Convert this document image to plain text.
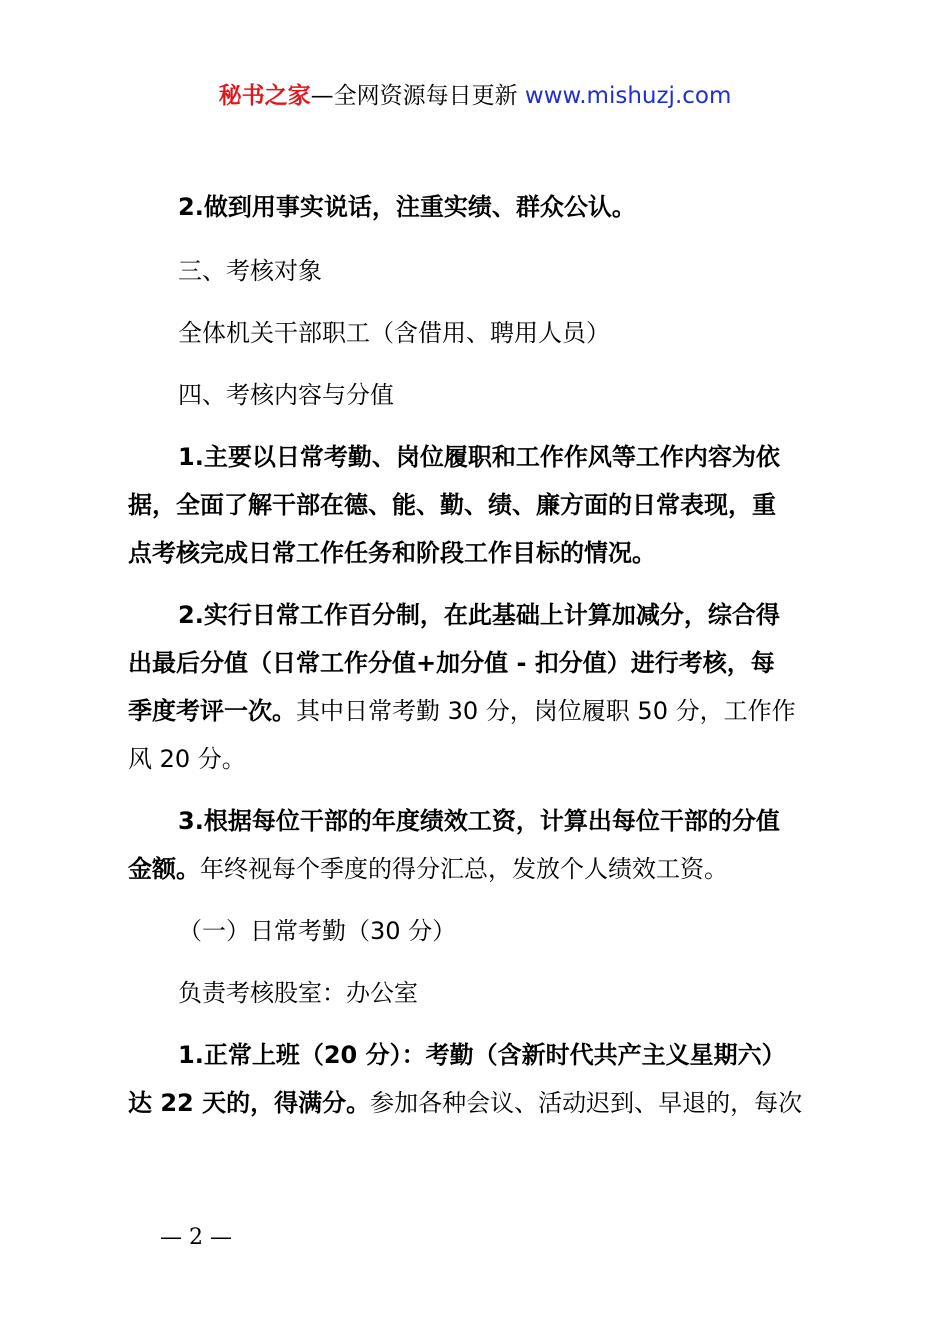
秘书之家—全网资源每日更新 www.mishuzj.com

2.做到用事实说话，注重实绩、群众公认。

三、考核对象

全体机关干部职工（含借用、聘用人员）

四、考核内容与分值

1.主要以日常考勤、岗位履职和工作作风等工作内容为依

据，全面了解干部在德、能、勤、绩、廉方面的日常表现，重

点考核完成日常工作任务和阶段工作目标的情况。

2.实行日常工作百分制，在此基础上计算加减分，综合得

出最后分值（日常工作分值+加分值 - 扣分值）进行考核，每

季度考评一次。其中日常考勤 30 分，岗位履职 50 分，工作作

风 20 分。

3.根据每位干部的年度绩效工资，计算出每位干部的分值

金额。年终视每个季度的得分汇总，发放个人绩效工资。

（一）日常考勤（30 分）

负责考核股室：办公室

1.正常上班（20 分）：考勤（含新时代共产主义星期六）

达 22 天的，得满分。参加各种会议、活动迟到、早退的，每次

— 2 —
